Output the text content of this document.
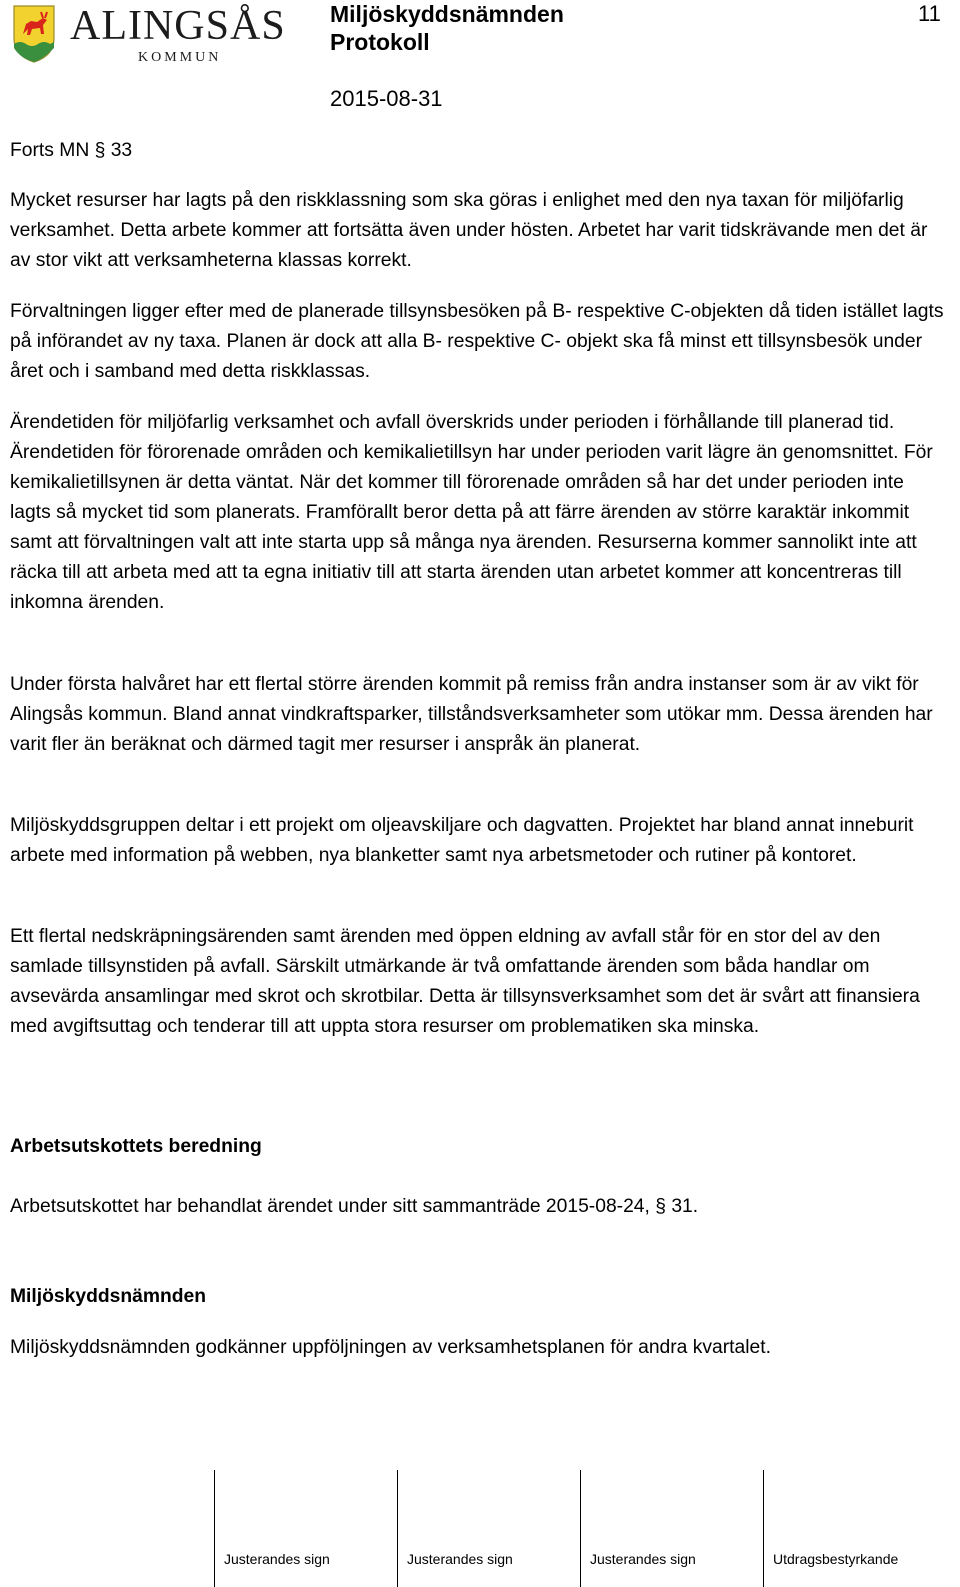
ALINGSÅS
KOMMUN
Miljöskyddsnämnden
Protokoll
2015-08-31
11

Forts MN § 33

Mycket resurser har lagts på den riskklassning som ska göras i enlighet med den nya taxan för miljöfarlig verksamhet. Detta arbete kommer att fortsätta även under hösten. Arbetet har varit tidskrävande men det är av stor vikt att verksamheterna klassas korrekt.

Förvaltningen ligger efter med de planerade tillsynsbesöken på B- respektive C-objekten då tiden istället lagts på införandet av ny taxa. Planen är dock att alla B- respektive C- objekt ska få minst ett tillsynsbesök under året och i samband med detta riskklassas.

Ärendetiden för miljöfarlig verksamhet och avfall överskrids under perioden i förhållande till planerad tid. Ärendetiden för förorenade områden och kemikalietillsyn har under perioden varit lägre än genomsnittet. För kemikalietillsynen är detta väntat. När det kommer till förorenade områden så har det under perioden inte lagts så mycket tid som planerats. Framförallt beror detta på att färre ärenden av större karaktär inkommit samt att förvaltningen valt att inte starta upp så många nya ärenden. Resurserna kommer sannolikt inte att räcka till att arbeta med att ta egna initiativ till att starta ärenden utan arbetet kommer att koncentreras till inkomna ärenden.

Under första halvåret har ett flertal större ärenden kommit på remiss från andra instanser som är av vikt för Alingsås kommun. Bland annat vindkraftsparker, tillståndsverksamheter som utökar mm. Dessa ärenden har varit fler än beräknat och därmed tagit mer resurser i anspråk än planerat.

Miljöskyddsgruppen deltar i ett projekt om oljeavskiljare och dagvatten. Projektet har bland annat inneburit arbete med information på webben, nya blanketter samt nya arbetsmetoder och rutiner på kontoret.

Ett flertal nedskräpningsärenden samt ärenden med öppen eldning av avfall står för en stor del av den samlade tillsynstiden på avfall. Särskilt utmärkande är två omfattande ärenden som båda handlar om avsevärda ansamlingar med skrot och skrotbilar. Detta är tillsynsverksamhet som det är svårt att finansiera med avgiftsuttag och tenderar till att uppta stora resurser om problematiken ska minska.

Arbetsutskottets beredning

Arbetsutskottet har behandlat ärendet under sitt sammanträde 2015-08-24, § 31.

Miljöskyddsnämnden

Miljöskyddsnämnden godkänner uppföljningen av verksamhetsplanen för andra kvartalet.

Justerandes sign	Justerandes sign	Justerandes sign	Utdragsbestyrkande
